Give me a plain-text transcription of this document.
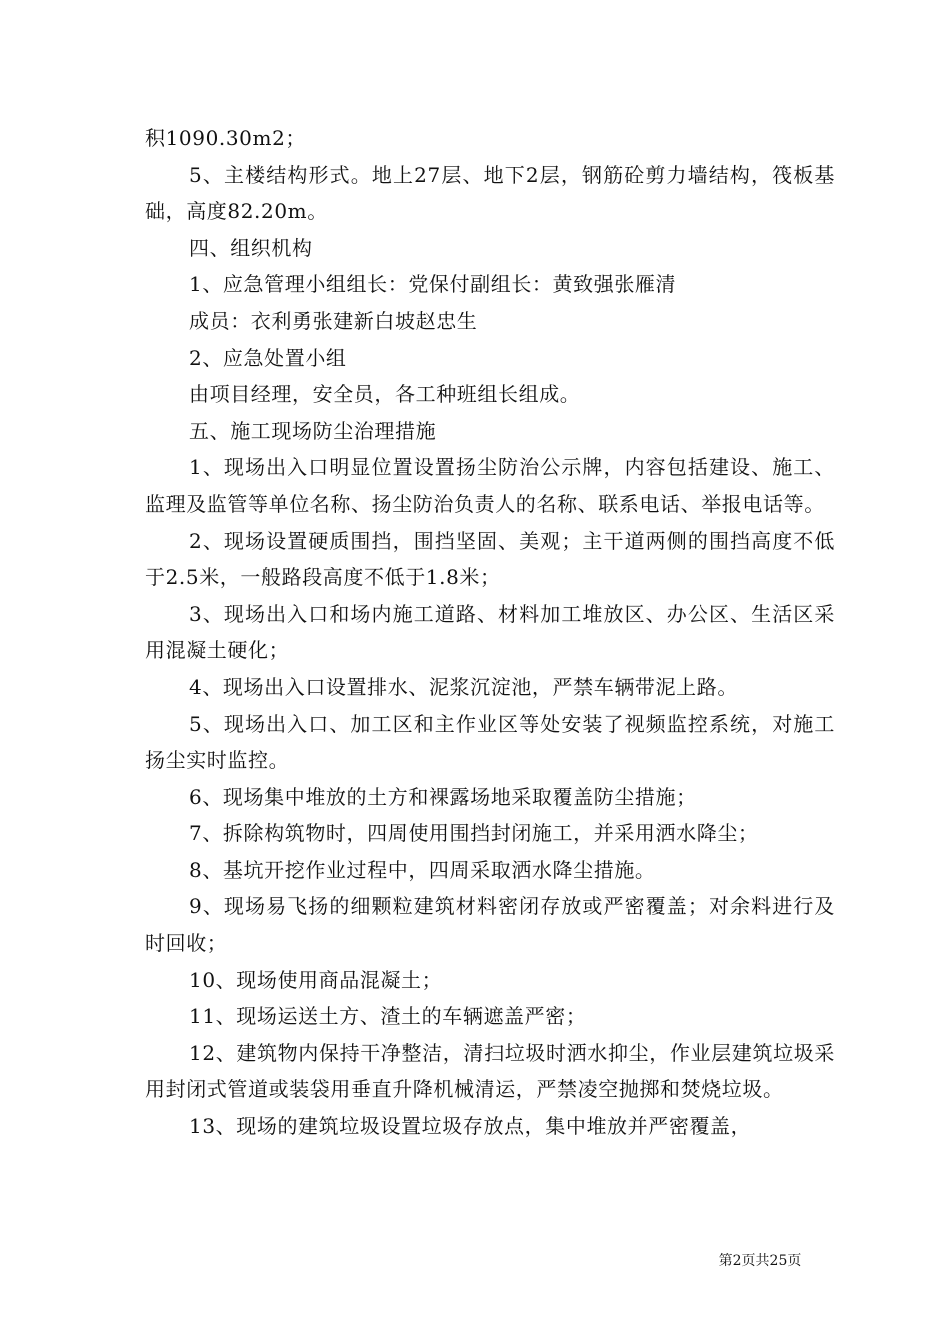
积1090.30m2；

5、主楼结构形式。地上27层、地下2层，钢筋砼剪力墙结构，筏板基础，高度82.20m。

四、组织机构

1、应急管理小组组长：党保付副组长：黄致强张雁清

成员：衣利勇张建新白坡赵忠生

2、应急处置小组

由项目经理，安全员，各工种班组长组成。

五、施工现场防尘治理措施

1、现场出入口明显位置设置扬尘防治公示牌，内容包括建设、施工、监理及监管等单位名称、扬尘防治负责人的名称、联系电话、举报电话等。

2、现场设置硬质围挡，围挡坚固、美观；主干道两侧的围挡高度不低于2.5米，一般路段高度不低于1.8米；

3、现场出入口和场内施工道路、材料加工堆放区、办公区、生活区采用混凝土硬化；

4、现场出入口设置排水、泥浆沉淀池，严禁车辆带泥上路。

5、现场出入口、加工区和主作业区等处安装了视频监控系统，对施工扬尘实时监控。

6、现场集中堆放的土方和裸露场地采取覆盖防尘措施；

7、拆除构筑物时，四周使用围挡封闭施工，并采用洒水降尘；

8、基坑开挖作业过程中，四周采取洒水降尘措施。

9、现场易飞扬的细颗粒建筑材料密闭存放或严密覆盖；对余料进行及时回收；

10、现场使用商品混凝土；

11、现场运送土方、渣土的车辆遮盖严密；

12、建筑物内保持干净整洁，清扫垃圾时洒水抑尘，作业层建筑垃圾采用封闭式管道或装袋用垂直升降机械清运，严禁凌空抛掷和焚烧垃圾。

13、现场的建筑垃圾设置垃圾存放点，集中堆放并严密覆盖，

第2页共25页
